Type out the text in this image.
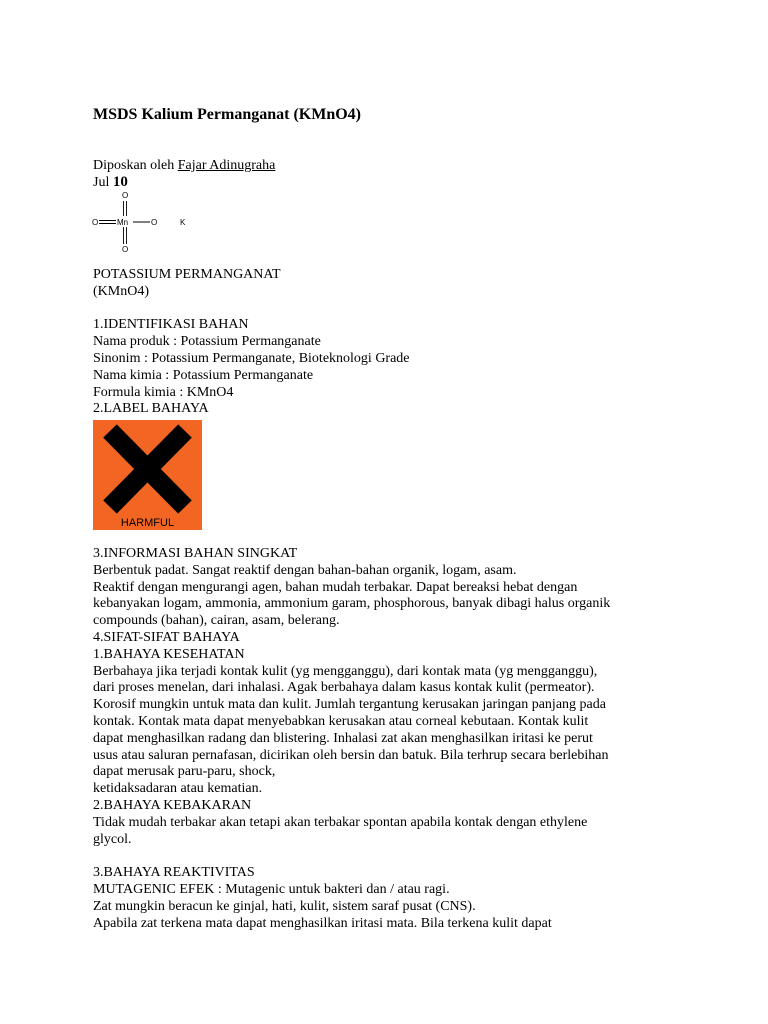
MSDS Kalium Permanganat (KMnO4)
Diposkan oleh Fajar Adinugraha
Jul 10
O
O Mn	O
O
K
POTASSIUM PERMANGANAT
(KMnO4)

1.IDENTIFIKASI BAHAN
Nama produk : Potassium Permanganate
Sinonim : Potassium Permanganate, Bioteknologi Grade
Nama kimia : Potassium Permanganate
Formula kimia : KMnO4
2.LABEL BAHAYA
HARMFUL
3.INFORMASI BAHAN SINGKAT
Berbentuk padat. Sangat reaktif dengan bahan-bahan organik, logam, asam.
Reaktif dengan mengurangi agen, bahan mudah terbakar. Dapat bereaksi hebat dengan
kebanyakan logam, ammonia, ammonium garam, phosphorous, banyak dibagi halus organik
compounds (bahan), cairan, asam, belerang.
4.SIFAT-SIFAT BAHAYA
1.BAHAYA KESEHATAN
Berbahaya jika terjadi kontak kulit (yg mengganggu), dari kontak mata (yg mengganggu),
dari proses menelan, dari inhalasi. Agak berbahaya dalam kasus kontak kulit (permeator).
Korosif mungkin untuk mata dan kulit. Jumlah tergantung kerusakan jaringan panjang pada
kontak. Kontak mata dapat menyebabkan kerusakan atau corneal kebutaan. Kontak kulit
dapat menghasilkan radang dan blistering. Inhalasi zat akan menghasilkan iritasi ke perut
usus atau saluran pernafasan, dicirikan oleh bersin dan batuk. Bila terhrup secara berlebihan
dapat merusak paru-paru, shock,
ketidaksadaran atau kematian.
2.BAHAYA KEBAKARAN
Tidak mudah terbakar akan tetapi akan terbakar spontan apabila kontak dengan ethylene
glycol.

3.BAHAYA REAKTIVITAS
MUTAGENIC EFEK : Mutagenic untuk bakteri dan / atau ragi.
Zat mungkin beracun ke ginjal, hati, kulit, sistem saraf pusat (CNS).
Apabila zat terkena mata dapat menghasilkan iritasi mata. Bila terkena kulit dapat
